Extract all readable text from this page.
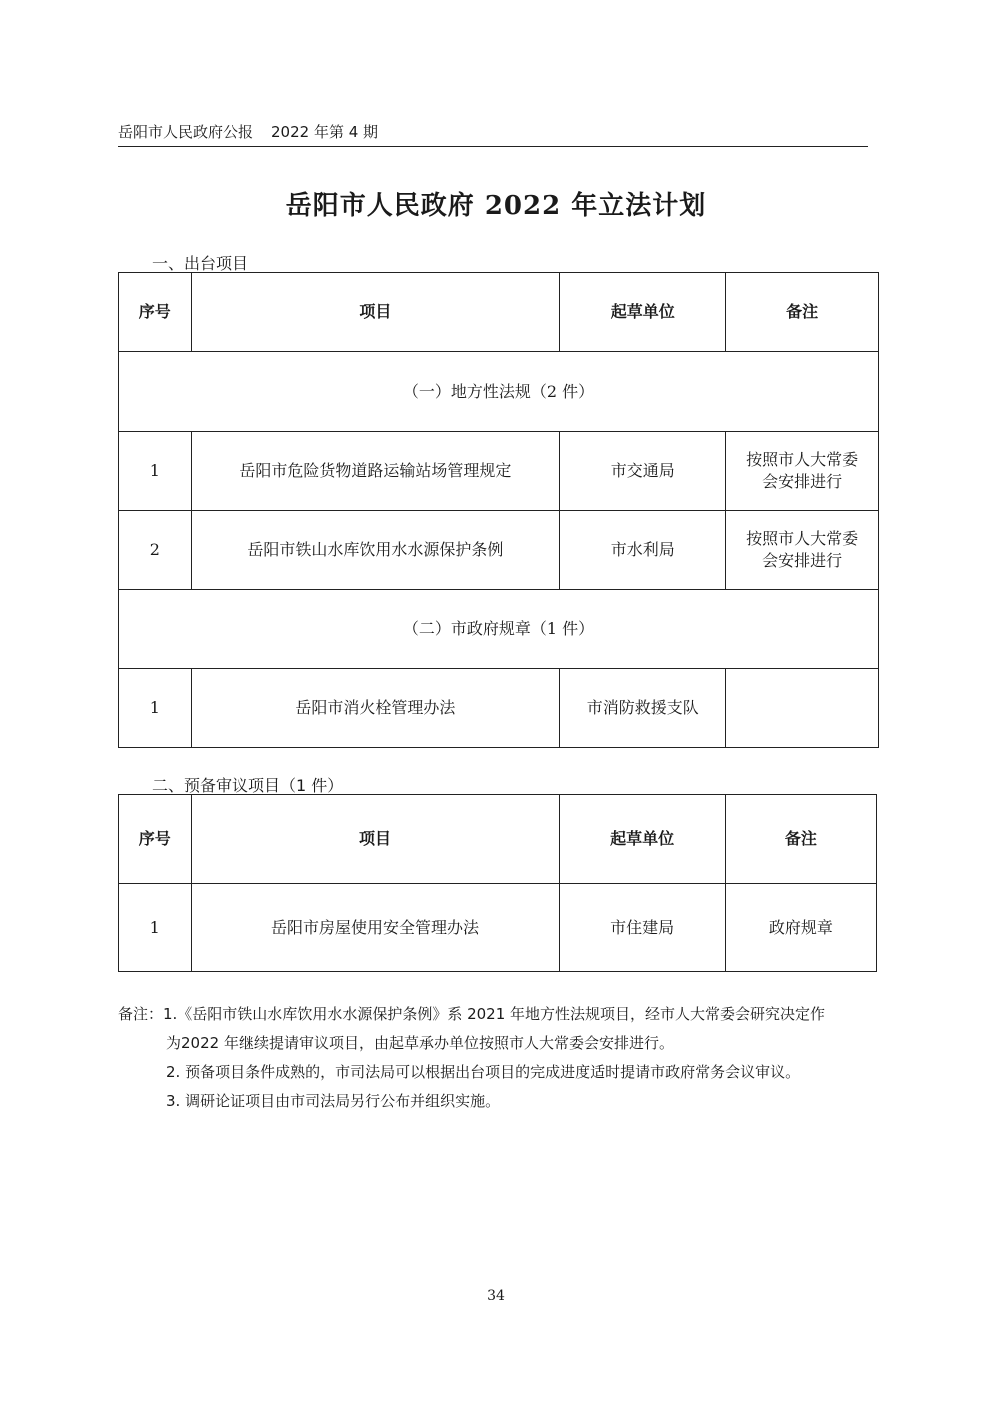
岳阳市人民政府公报 2022 年第 4 期
岳阳市人民政府 2022 年立法计划
一、出台项目
序号	项目	起草单位	备注
（一）地方性法规（2 件）			
1	岳阳市危险货物道路运输站场管理规定	市交通局	按照市人大常委会安排进行
2	岳阳市铁山水库饮用水水源保护条例	市水利局	按照市人大常委会安排进行
（二）市政府规章（1 件）			
1	岳阳市消火栓管理办法	市消防救援支队	
二、预备审议项目（1 件）
序号	项目	起草单位	备注
1	岳阳市房屋使用安全管理办法	市住建局	政府规章
备注：1.《岳阳市铁山水库饮用水水源保护条例》系 2021 年地方性法规项目，经市人大常委会研究决定作
为2022 年继续提请审议项目，由起草承办单位按照市人大常委会安排进行。
2. 预备项目条件成熟的，市司法局可以根据出台项目的完成进度适时提请市政府常务会议审议。
3. 调研论证项目由市司法局另行公布并组织实施。
34
